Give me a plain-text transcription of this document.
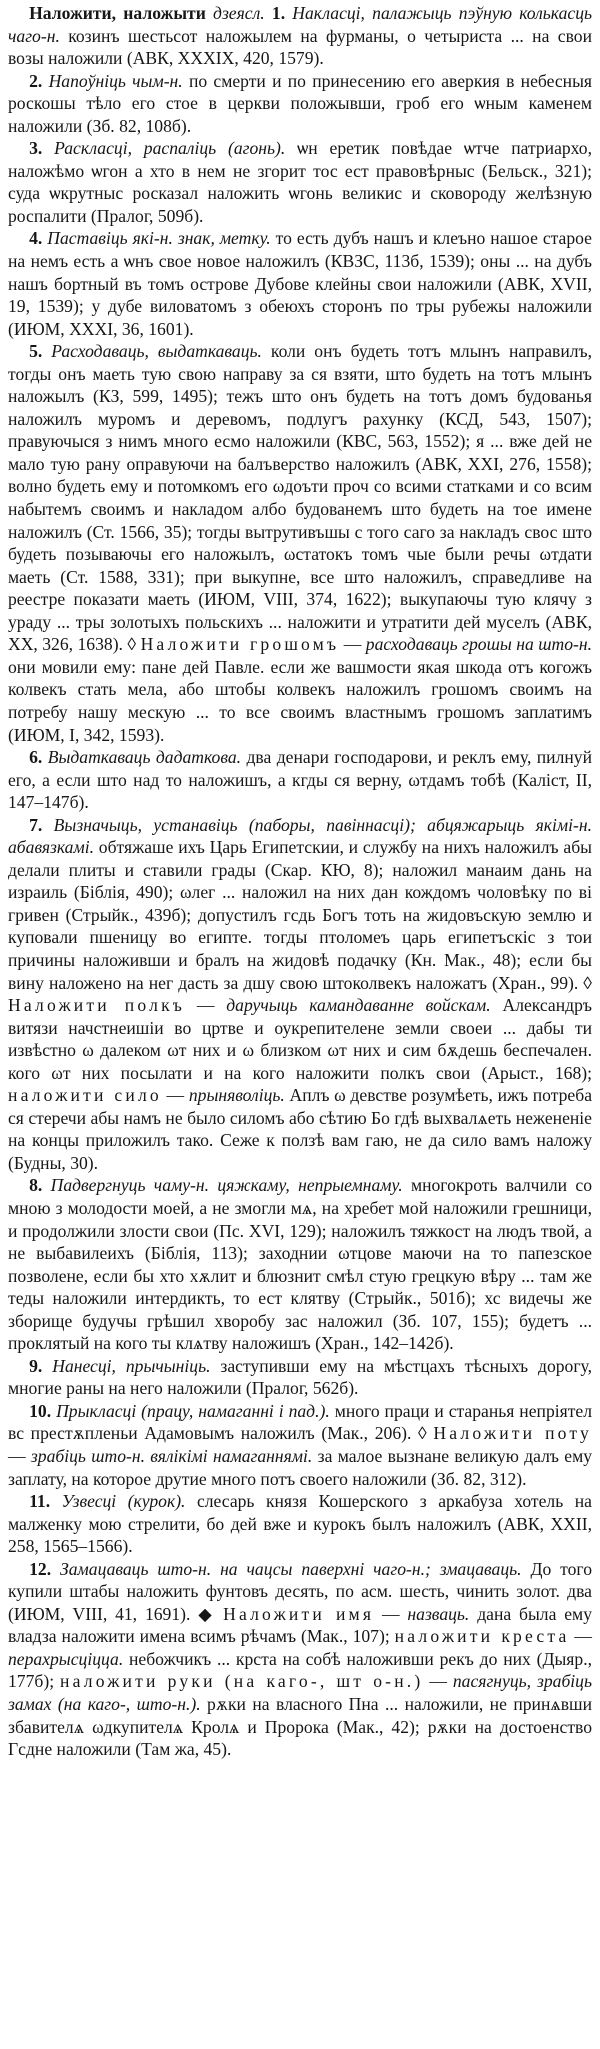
Наложити, наложыти дзеясл. 1. Накласці, палажыць пэўную колькасць чаго-н. козинъ шестьсот наложылем на фурманы, о четыриста ... на свои возы наложили (АВК, XXXIX, 420, 1579).

2. Напоўніць чым-н. по смерти и по принесению его аверкия в небесныя роскошы тѣло его стое в церкви положывши, гроб его ѡным каменем наложили (Зб. 82, 108б).

3. Раскласці, распаліць (агонь). ѡн еретик повѣдае ѡтче патриархо, наложѣмо ѡгон а хто в нем не згорит тос ест правовѣрныс (Бельск., 321); суда ѡкрутныс росказал наложить ѡгонь великис и сковороду желѣзную роспалити (Пралог, 509б).

4. Паставіць які-н. знак, метку. то есть дубъ нашъ и клеъно нашое старое на немъ есть а ѡнъ свое новое наложилъ (КВЗС, 113б, 1539); оны ... на дубъ нашъ бортный въ томъ острове Дубове клейны свои наложили (АВК, XVII, 19, 1539); у дубе виловатомъ з обеюхъ сторонъ по тры рубежы наложили (ИЮМ, XXXI, 36, 1601).

5. Расходаваць, выдаткаваць. коли онъ будеть тотъ млынъ направилъ, тогды онъ маеть тую свою направу за ся взяти, што будеть на тотъ млынъ наложылъ (КЗ, 599, 1495); тежъ што онъ будеть на тотъ домъ будованья наложилъ муромъ и деревомъ, подлугъ рахунку (КСД, 543, 1507); правуючыся з нимъ много есмо наложили (КВС, 563, 1552); я ... вже дей не мало тую рану оправуючи на балъверство наложилъ (АВК, XXI, 276, 1558); волно будеть ему и потомкомъ его ωдоъти проч со всими статками и со всим набытемъ своимъ и накладом албо будованемъ што будеть на тое имене наложилъ (Ст. 1566, 35); тогды вытрутивъшы с того саго за накладъ свос што будеть позываючы его наложылъ, ωстатокъ томъ чые были речы ωтдати маеть (Ст. 1588, 331); при выкупне, все што наложилъ, справедливе на реестре показати маеть (ИЮМ, VIII, 374, 1622); выкупаючы тую клячу з ураду ... тры золотыхъ польскихъ ... наложити и утратити дей муселъ (АВК, XX, 326, 1638). ◊ Наложити грошомъ — расходаваць грошы на што-н. они мовили ему: пане дей Павле. если же вашмости якая шкода отъ когожъ колвекъ стать мела, або штобы колвекъ наложилъ грошомъ своимъ на потребу нашу мескую ... то все своимъ властнымъ грошомъ заплатимъ (ИЮМ, I, 342, 1593).

6. Выдаткаваць дадаткова. два денари господарови, и реклъ ему, пилнуй его, а если што над то наложишъ, а кгды ся верну, ωтдамъ тобѣ (Каліст, II, 147–147б).

7. Вызначыць, устанавіць (паборы, павіннасці); абцяжарыць якімі-н. абавязкамі. обтяжаше ихъ Царь Египетскии, и службу на нихъ наложилъ абы делали плиты и ставили грады (Скар. КЮ, 8); наложил манаим дань на израиль (Біблія, 490); ωлег ... наложил на них дан кождомъ чоловѣку по ві гривен (Стрыйк., 439б); допустилъ гсдь Богъ тоть на жидовъскую землю и куповали пшеницу во египте. тогды птоломеъ царь египетъскіс з тои причины наложивши и бралъ на жидовѣ подачку (Кн. Мак., 48); если бы вину наложено на нег дасть за дшу свою штоколвекъ наложатъ (Хран., 99). ◊ Наложити полкъ — даручыць камандаванне войскам. Александръ витязи начстнеишіи во цртве и оукрепителене земли своеи ... дабы ти извѣстно ω далеком ωт них и ω близком ωт них и сим бѫдешь беспечален. кого ωт них посылати и на кого наложити полкъ свои (Арыст., 168); наложити сило — прыняволіць. Аплъ ω девстве розумѣеть, ижъ потреба ся стеречи абы намъ не было силомъ або сѣтию Бо гдѣ выхвалѧеть нежененіе на концы приложилъ тако. Сеже к ползѣ вам гаю, не да сило вамъ наложу (Будны, 30).

8. Падвергнуць чаму-н. цяжкаму, непрыемнаму. многокроть валчили со мною з молодости моей, а не змогли мѧ, на хребет мой наложили грешници, и продолжили злости свои (Пс. XVI, 129); наложилъ тяжкост на людъ твой, а не выбавилеихъ (Біблія, 113); заходнии ωтцове маючи на то папезское позволене, если бы хто хѫлит и блюзнит смѣл стую грецкую вѣру ... там же теды наложили интердикть, то ест клятву (Стрыйк., 501б); хс видечы же зборище будучы грѣшил хворобу зас наложил (Зб. 107, 155); будетъ ... проклятый на кого ты клѧтву наложишъ (Хран., 142–142б).

9. Нанесці, прычыніць. заступивши ему на мѣстцахъ тѣсныхъ дорогу, многие раны на него наложили (Пралог, 562б).

10. Прыкласці (працу, намаганні і пад.). много праци и старанья непріятел вс престѫпленьи Адамовымъ наложилъ (Мак., 206). ◊ Наложити поту — зрабіць што-н. вялікімі намаганнямі. за малое вызнане великую далъ ему заплату, на которое друтие много потъ своего наложили (Зб. 82, 312).

11. Узвесці (курок). слесарь князя Кошерского з аркабуза хотель на малженку мою стрелити, бо дей вже и курокъ былъ наложилъ (АВК, XXII, 258, 1565–1566).

12. Замацаваць што-н. на чацсы паверхні чаго-н.; змацаваць. До того купили штабы наложить фунтовъ десять, по асм. шесть, чинить золот. два (ИЮМ, VIII, 41, 1691). ◆ Наложити имя — назваць. дана была ему владза наложити имена всимъ рѣчамъ (Мак., 107); наложити креста — перахрысціцца. небожчикъ ... крста на собѣ наложивши рекъ до них (Дыяр., 177б); наложити руки (на каго-, шт о-н.) — пасягнуць, зрабіць замах (на каго-, што-н.). рѫки на власного Пна ... наложили, не принѧвши збавителѧ ωдкупителѧ Кролѧ и Пророка (Мак., 42); рѫки на достоенство Гсдне наложили (Там жа, 45).
